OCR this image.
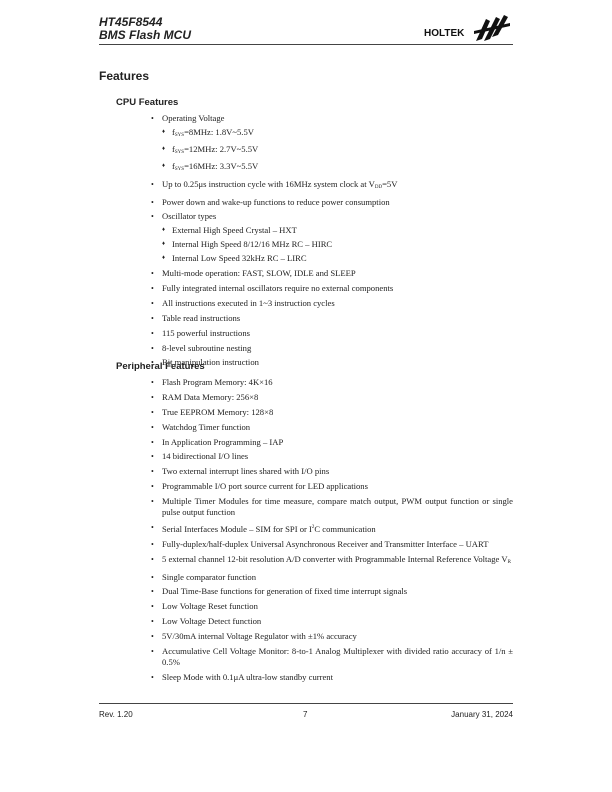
HT45F8544
BMS Flash MCU	HOLTEK
Features
CPU Features
• Operating Voltage
♦ $f_{SYS}=8MHz$: 1.8V~5.5V
♦ $f_{SYS}=12MHz$: 2.7V~5.5V
♦ $f_{SYS}=16MHz$: 3.3V~5.5V
• Up to 0.25μs instruction cycle with 16MHz system clock at $V_{DD}=5V$
• Power down and wake-up functions to reduce power consumption
• Oscillator types
♦ External High Speed Crystal – HXT
♦ Internal High Speed 8/12/16 MHz RC – HIRC
♦ Internal Low Speed 32kHz RC – LIRC
• Multi-mode operation: FAST, SLOW, IDLE and SLEEP
• Fully integrated internal oscillators require no external components
• All instructions executed in 1~3 instruction cycles
• Table read instructions
• 115 powerful instructions
• 8-level subroutine nesting
• Bit manipulation instruction
Peripheral Features
• Flash Program Memory: 4K×16
• RAM Data Memory: 256×8
• True EEPROM Memory: 128×8
• Watchdog Timer function
• In Application Programming – IAP
• 14 bidirectional I/O lines
• Two external interrupt lines shared with I/O pins
• Programmable I/O port source current for LED applications
• Multiple Timer Modules for time measure, compare match output, PWM output function or single pulse output function
• Serial Interfaces Module – SIM for SPI or $I^2C$ communication
• Fully-duplex/half-duplex Universal Asynchronous Receiver and Transmitter Interface – UART
• 5 external channel 12-bit resolution A/D converter with Programmable Internal Reference Voltage $V_R$
• Single comparator function
• Dual Time-Base functions for generation of fixed time interrupt signals
• Low Voltage Reset function
• Low Voltage Detect function
• 5V/30mA internal Voltage Regulator with ±1% accuracy
• Accumulative Cell Voltage Monitor: 8-to-1 Analog Multiplexer with divided ratio accuracy of 1/n ± 0.5%
• Sleep Mode with 0.1μA ultra-low standby current
Rev. 1.20	7	January 31, 2024
